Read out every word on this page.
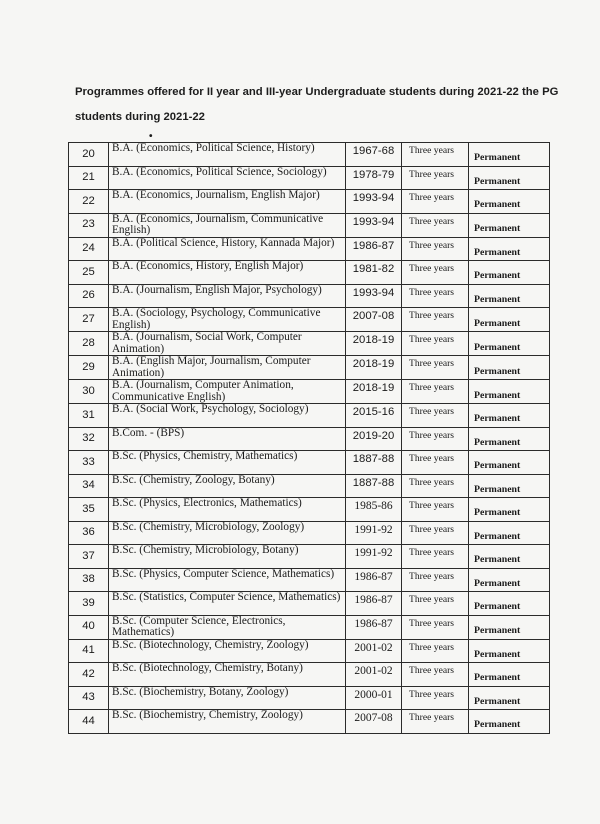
Programmes offered for II year and III-year Undergraduate students during 2021-22 the PG
students during 2021-22
•
20	B.A. (Economics, Political Science, History)	1967-68	Three years	Permanent
21	B.A. (Economics, Political Science, Sociology)	1978-79	Three years	Permanent
22	B.A. (Economics, Journalism, English Major)	1993-94	Three years	Permanent
23	B.A. (Economics, Journalism, Communicative English)	1993-94	Three years	Permanent
24	B.A. (Political Science, History, Kannada Major)	1986-87	Three years	Permanent
25	B.A. (Economics, History, English Major)	1981-82	Three years	Permanent
26	B.A. (Journalism, English Major, Psychology)	1993-94	Three years	Permanent
27	B.A. (Sociology, Psychology, Communicative English)	2007-08	Three years	Permanent
28	B.A. (Journalism, Social Work, Computer Animation)	2018-19	Three years	Permanent
29	B.A. (English Major, Journalism, Computer Animation)	2018-19	Three years	Permanent
30	B.A. (Journalism, Computer Animation, Communicative English)	2018-19	Three years	Permanent
31	B.A. (Social Work, Psychology, Sociology)	2015-16	Three years	Permanent
32	B.Com. - (BPS)	2019-20	Three years	Permanent
33	B.Sc. (Physics, Chemistry, Mathematics)	1887-88	Three years	Permanent
34	B.Sc. (Chemistry, Zoology, Botany)	1887-88	Three years	Permanent
35	B.Sc. (Physics, Electronics, Mathematics)	1985-86	Three years	Permanent
36	B.Sc. (Chemistry, Microbiology, Zoology)	1991-92	Three years	Permanent
37	B.Sc. (Chemistry, Microbiology, Botany)	1991-92	Three years	Permanent
38	B.Sc. (Physics, Computer Science, Mathematics)	1986-87	Three years	Permanent
39	B.Sc. (Statistics, Computer Science, Mathematics)	1986-87	Three years	Permanent
40	B.Sc. (Computer Science, Electronics, Mathematics)	1986-87	Three years	Permanent
41	B.Sc. (Biotechnology, Chemistry, Zoology)	2001-02	Three years	Permanent
42	B.Sc. (Biotechnology, Chemistry, Botany)	2001-02	Three years	Permanent
43	B.Sc. (Biochemistry, Botany, Zoology)	2000-01	Three years	Permanent
44	B.Sc. (Biochemistry, Chemistry, Zoology)	2007-08	Three years	Permanent
